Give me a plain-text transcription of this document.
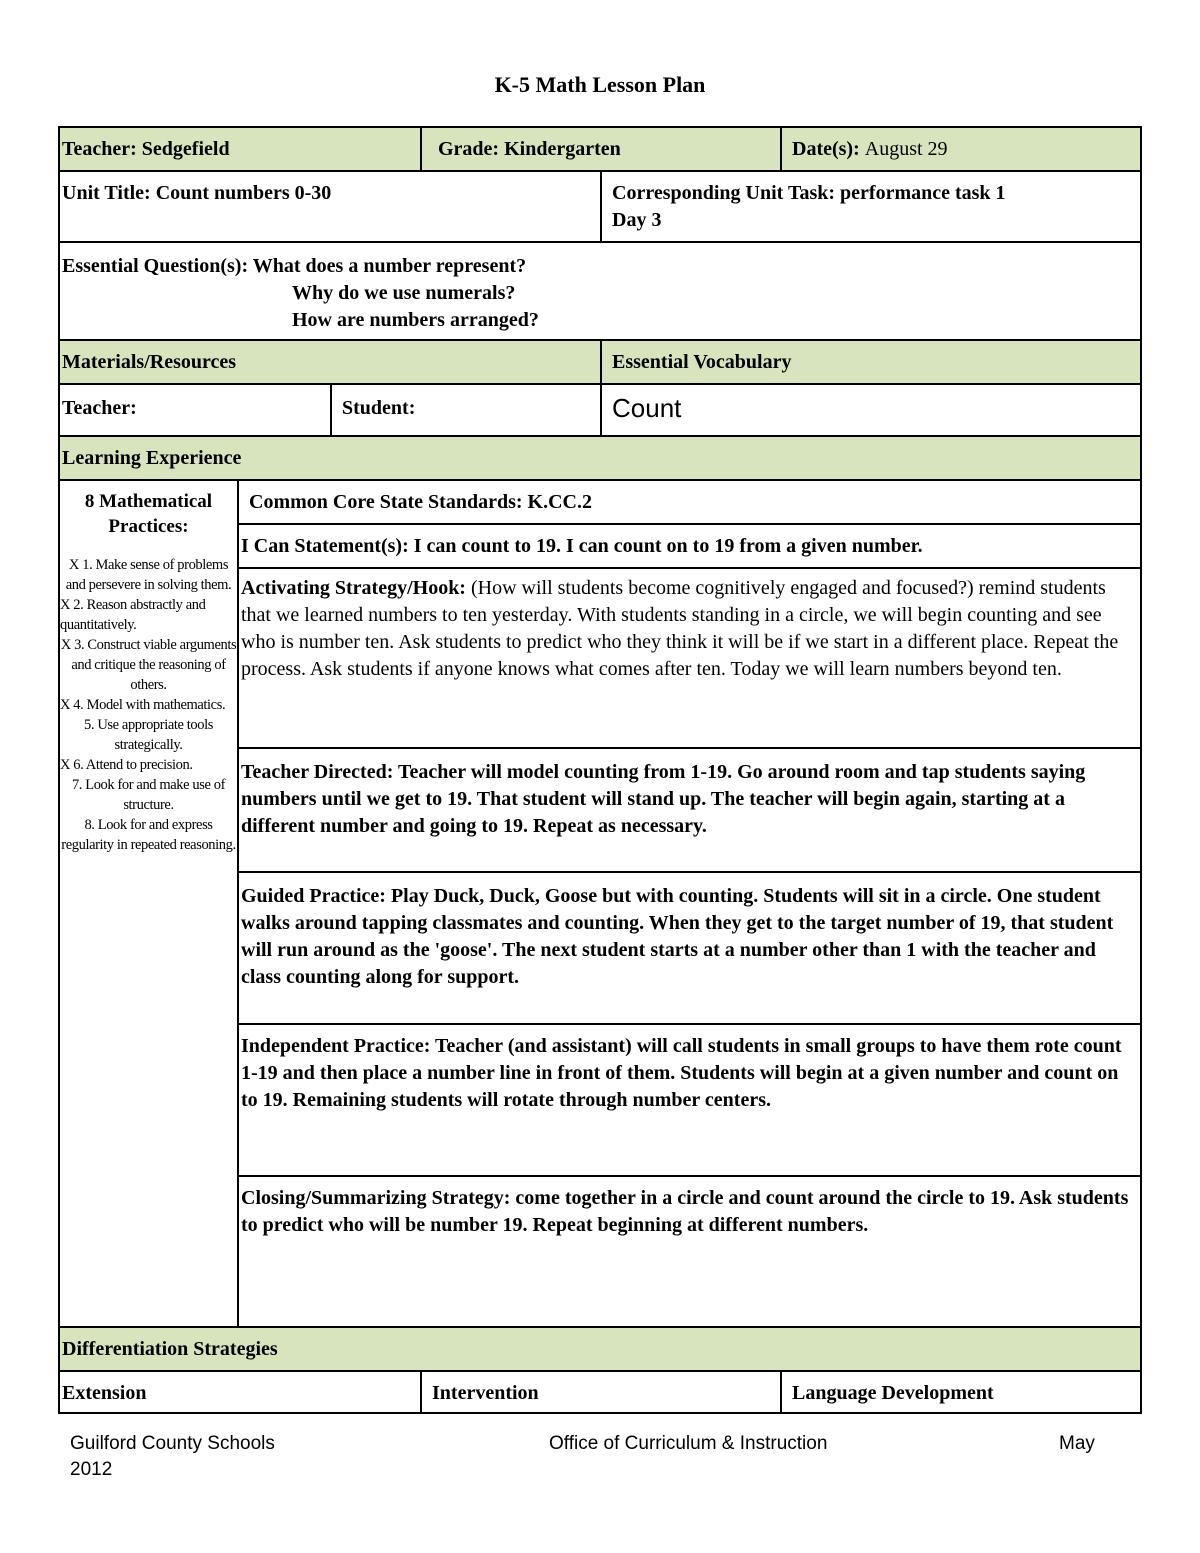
K-5 Math Lesson Plan
Teacher: Sedgefield	Grade: Kindergarten	Date(s): August 29
Unit Title: Count numbers 0-30	Corresponding Unit Task: performance task 1
Day 3
Essential Question(s): What does a number represent?
Why do we use numerals?
How are numbers arranged?
Materials/Resources	Essential Vocabulary
Teacher:	Student:	Count
Learning Experience
8 Mathematical Practices:
X 1. Make sense of problems and persevere in solving them.
X 2. Reason abstractly and quantitatively.
X 3. Construct viable arguments and critique the reasoning of others.
X 4. Model with mathematics.
5. Use appropriate tools strategically.
X 6. Attend to precision.
7. Look for and make use of structure.
8. Look for and express regularity in repeated reasoning.
Common Core State Standards: K.CC.2
I Can Statement(s): I can count to 19. I can count on to 19 from a given number.
Activating Strategy/Hook: (How will students become cognitively engaged and focused?) remind students that we learned numbers to ten yesterday. With students standing in a circle, we will begin counting and see who is number ten. Ask students to predict who they think it will be if we start in a different place. Repeat the process. Ask students if anyone knows what comes after ten. Today we will learn numbers beyond ten.
Teacher Directed: Teacher will model counting from 1-19. Go around room and tap students saying numbers until we get to 19. That student will stand up. The teacher will begin again, starting at a different number and going to 19. Repeat as necessary.
Guided Practice: Play Duck, Duck, Goose but with counting. Students will sit in a circle. One student walks around tapping classmates and counting. When they get to the target number of 19, that student will run around as the 'goose'. The next student starts at a number other than 1 with the teacher and class counting along for support.
Independent Practice: Teacher (and assistant) will call students in small groups to have them rote count 1-19 and then place a number line in front of them. Students will begin at a given number and count on to 19. Remaining students will rotate through number centers.
Closing/Summarizing Strategy: come together in a circle and count around the circle to 19. Ask students to predict who will be number 19. Repeat beginning at different numbers.
Differentiation Strategies
Extension	Intervention	Language Development
Guilford County Schools	Office of Curriculum & Instruction	May
2012
